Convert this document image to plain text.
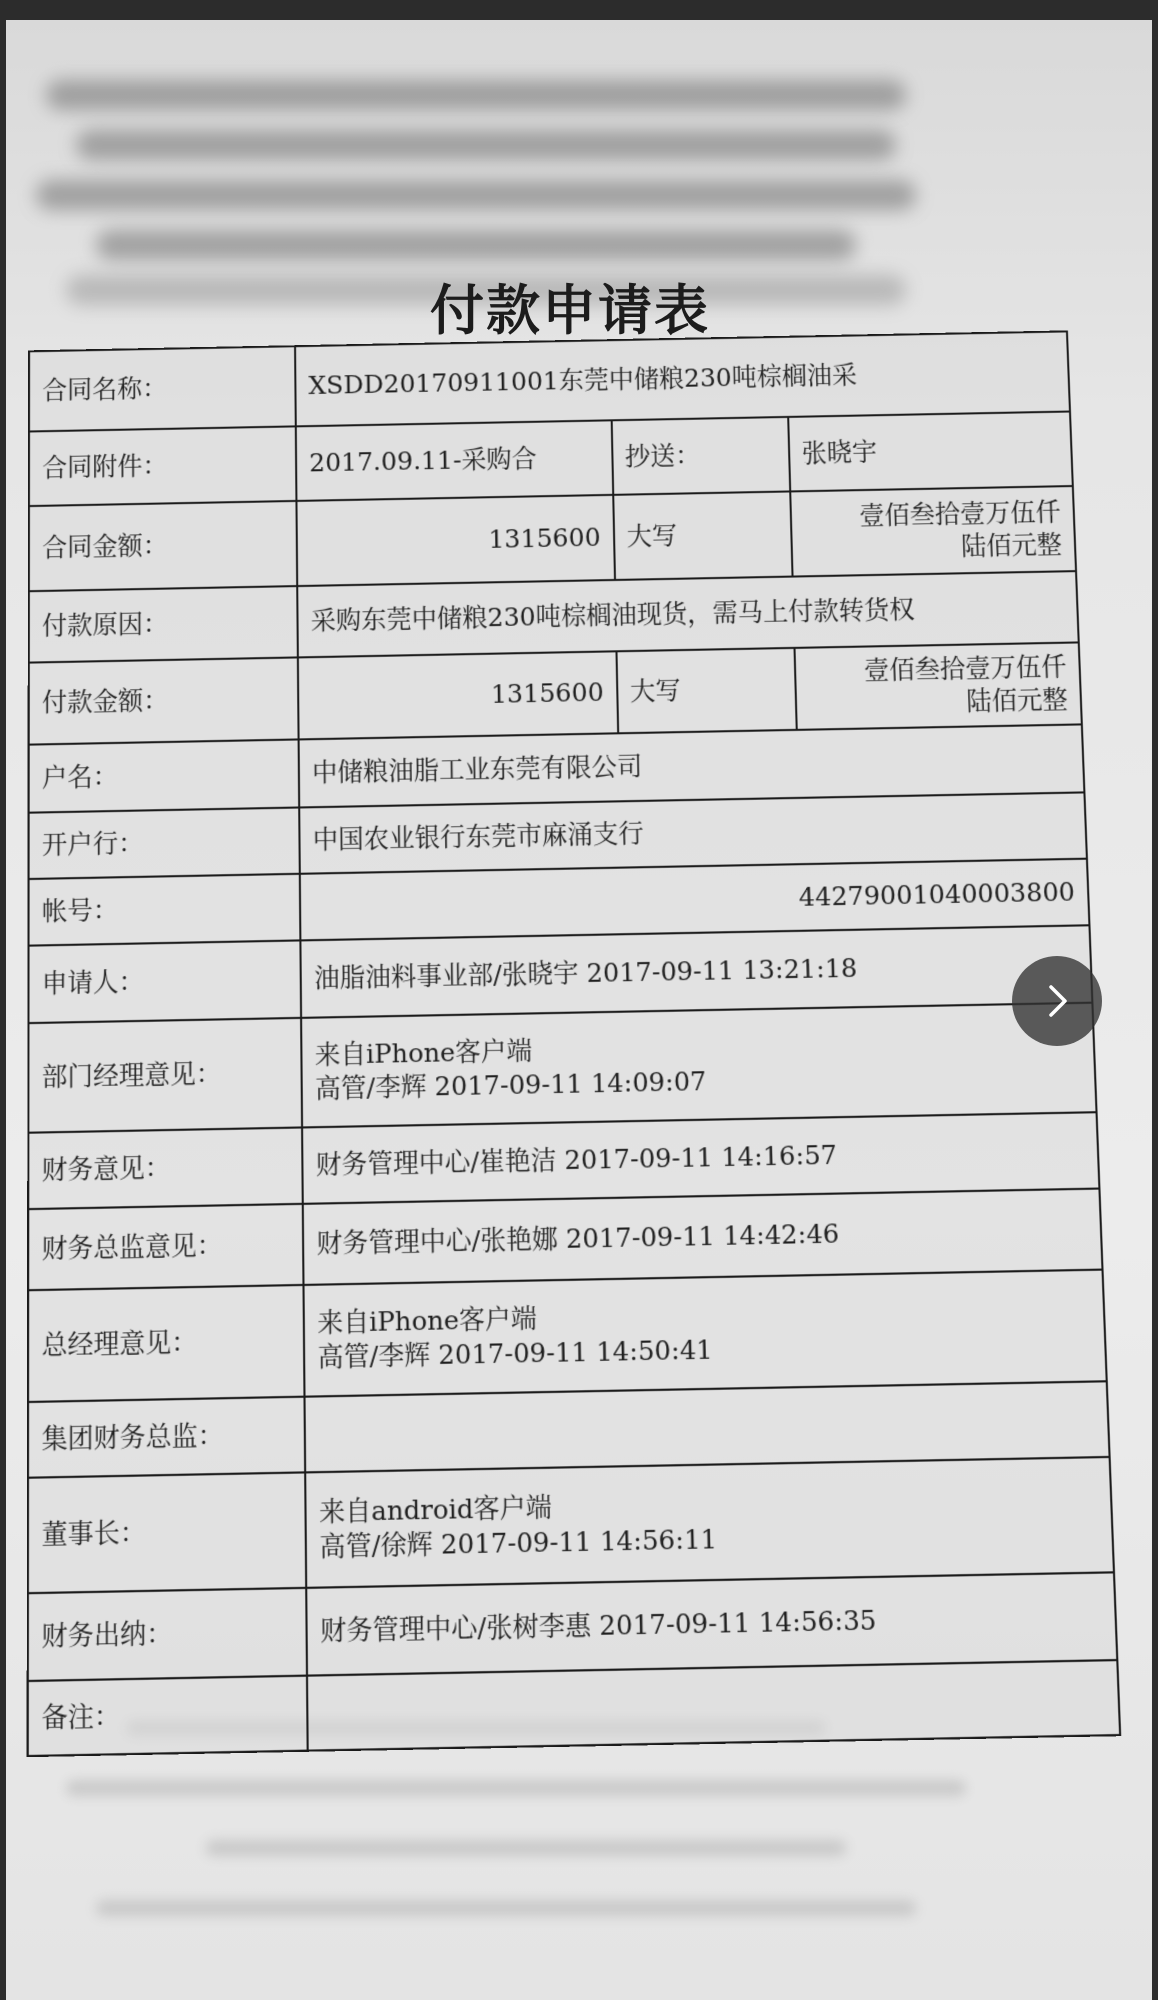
付款申请表
合同名称：	XSDD20170911001东莞中储粮230吨棕榈油采		
合同附件：	2017.09.11-采购合	抄送：	张晓宇
合同金额：	1315600	大写	壹佰叁拾壹万伍仟
陆佰元整

付款原因：	采购东莞中储粮230吨棕榈油现货，需马上付款转货权		
付款金额：	1315600	大写	壹佰叁拾壹万伍仟
陆佰元整

户名：	中储粮油脂工业东莞有限公司		
开户行：	中国农业银行东莞市麻涌支行		
帐号：	44279001040003800		
申请人：	油脂油料事业部/张晓宇 2017-09-11 13:21:18		
部门经理意见：	来自iPhone客户端
高管/李辉 2017-09-11 14:09:07		

财务意见：	财务管理中心/崔艳洁 2017-09-11 14:16:57		
财务总监意见：	财务管理中心/张艳娜 2017-09-11 14:42:46		
总经理意见：	来自iPhone客户端
高管/李辉 2017-09-11 14:50:41		

集团财务总监：			
董事长：	来自android客户端
高管/徐辉 2017-09-11 14:56:11		

财务出纳：	财务管理中心/张树李惠 2017-09-11 14:56:35		
备注：			
